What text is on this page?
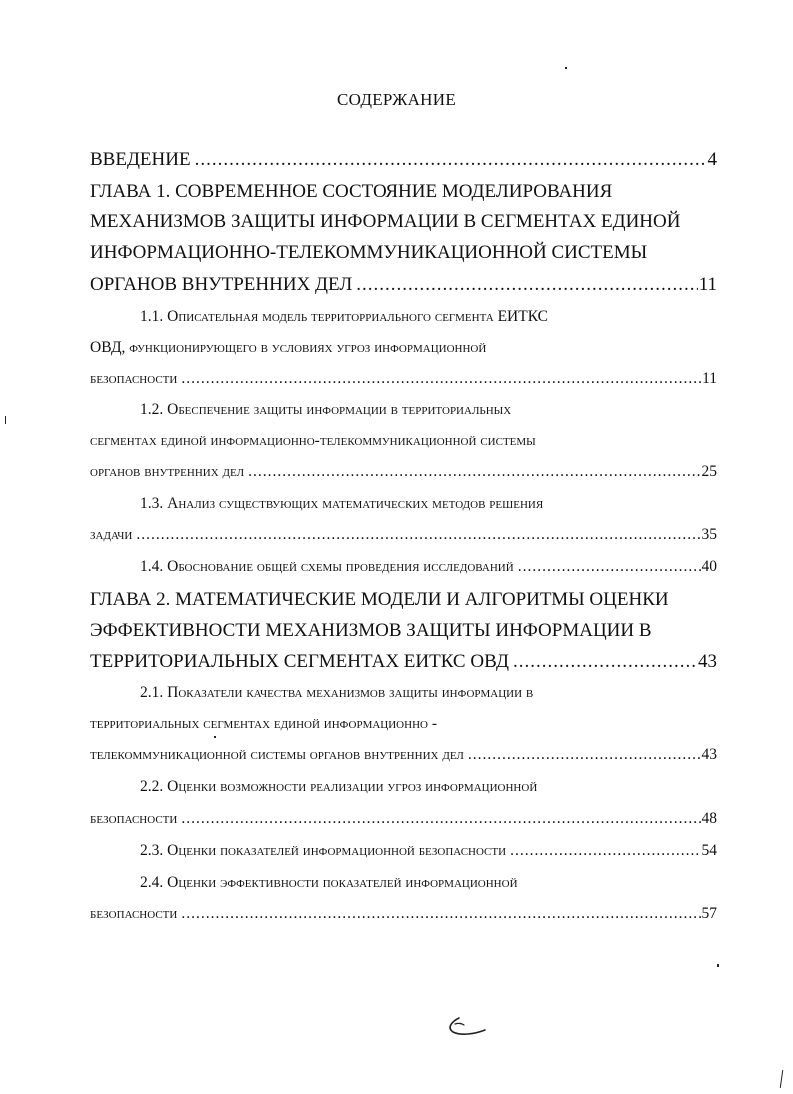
СОДЕРЖАНИЕ
ВВЕДЕНИЕ .....	4
ГЛАВА 1. СОВРЕМЕННОЕ СОСТОЯНИЕ МОДЕЛИРОВАНИЯ
МЕХАНИЗМОВ ЗАЩИТЫ ИНФОРМАЦИИ В СЕГМЕНТАХ ЕДИНОЙ
ИНФОРМАЦИОННО-ТЕЛЕКОММУНИКАЦИОННОЙ СИСТЕМЫ
ОРГАНОВ ВНУТРЕННИХ ДЕЛ .....	11
1.1. Описательная модель территорриального сегмента ЕИТКС
ОВД, функционирующего в условиях угроз информационной
безопасности .....	11
1.2. Обеспечение защиты информации в территориальных
сегментах единой информационно-телекоммуникационной системы
органов внутренних дел .....	25
1.3. Анализ существующих математических методов решения
задачи .....	35
1.4. Обоснование общей схемы проведения исследований .....	40
ГЛАВА 2. МАТЕМАТИЧЕСКИЕ МОДЕЛИ И АЛГОРИТМЫ ОЦЕНКИ
ЭФФЕКТИВНОСТИ МЕХАНИЗМОВ ЗАЩИТЫ ИНФОРМАЦИИ В
ТЕРРИТОРИАЛЬНЫХ СЕГМЕНТАХ ЕИТКС ОВД .....	43
2.1. Показатели качества механизмов защиты информации в
территориальных сегментах единой информационно -
телекоммуникационной системы органов внутренних дел .....	43
2.2. Оценки возможности реализации угроз информационной
безопасности .....	48
2.3. Оценки показателей информационной безопасности .....	54
2.4. Оценки эффективности показателей информационной
безопасности .....	57
